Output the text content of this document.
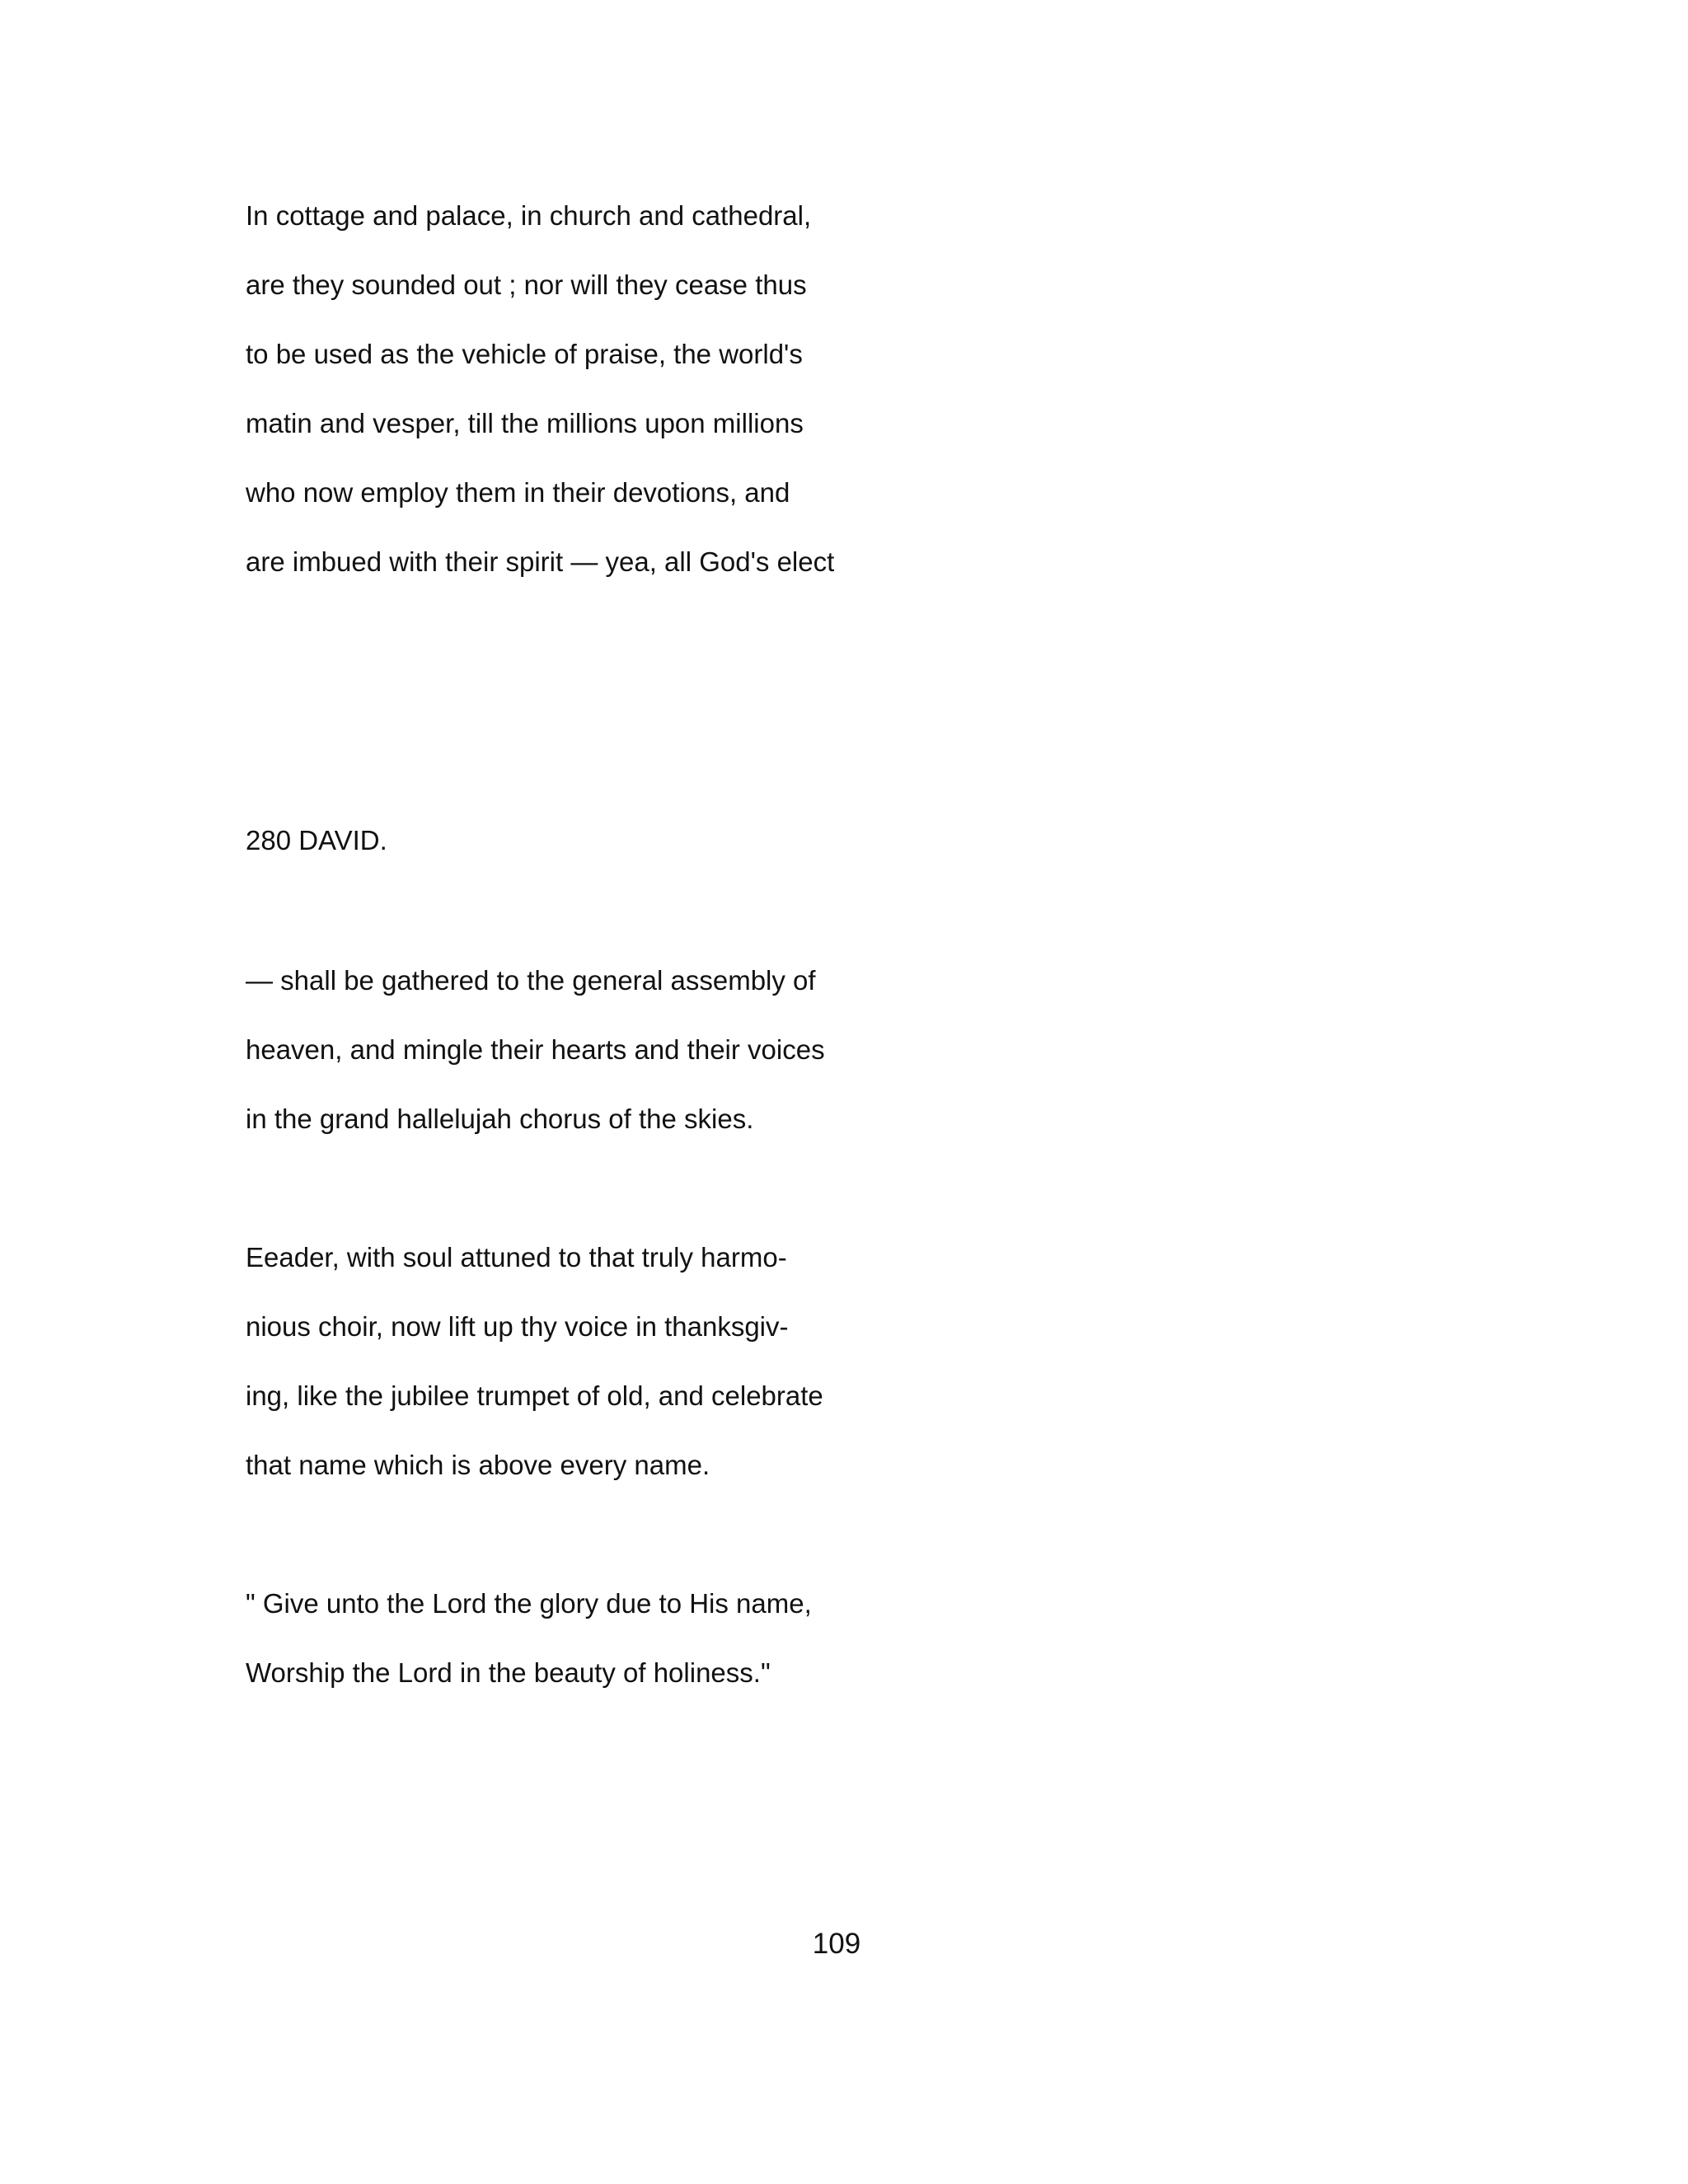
In cottage and palace, in church and cathedral,

are they sounded out ; nor will they cease thus

to be used as the vehicle of praise, the world's

matin and vesper, till the millions upon millions

who now employ them in their devotions, and

are imbued with their spirit — yea, all God's elect

280 DAVID.

— shall be gathered to the general assembly of

heaven, and mingle their hearts and their voices

in the grand hallelujah chorus of the skies.

Eeader, with soul attuned to that truly harmo-

nious choir, now lift up thy voice in thanksgiv-

ing, like the jubilee trumpet of old, and celebrate

that name which is above every name.

" Give unto the Lord the glory due to His name,

Worship the Lord in the beauty of holiness."

109
